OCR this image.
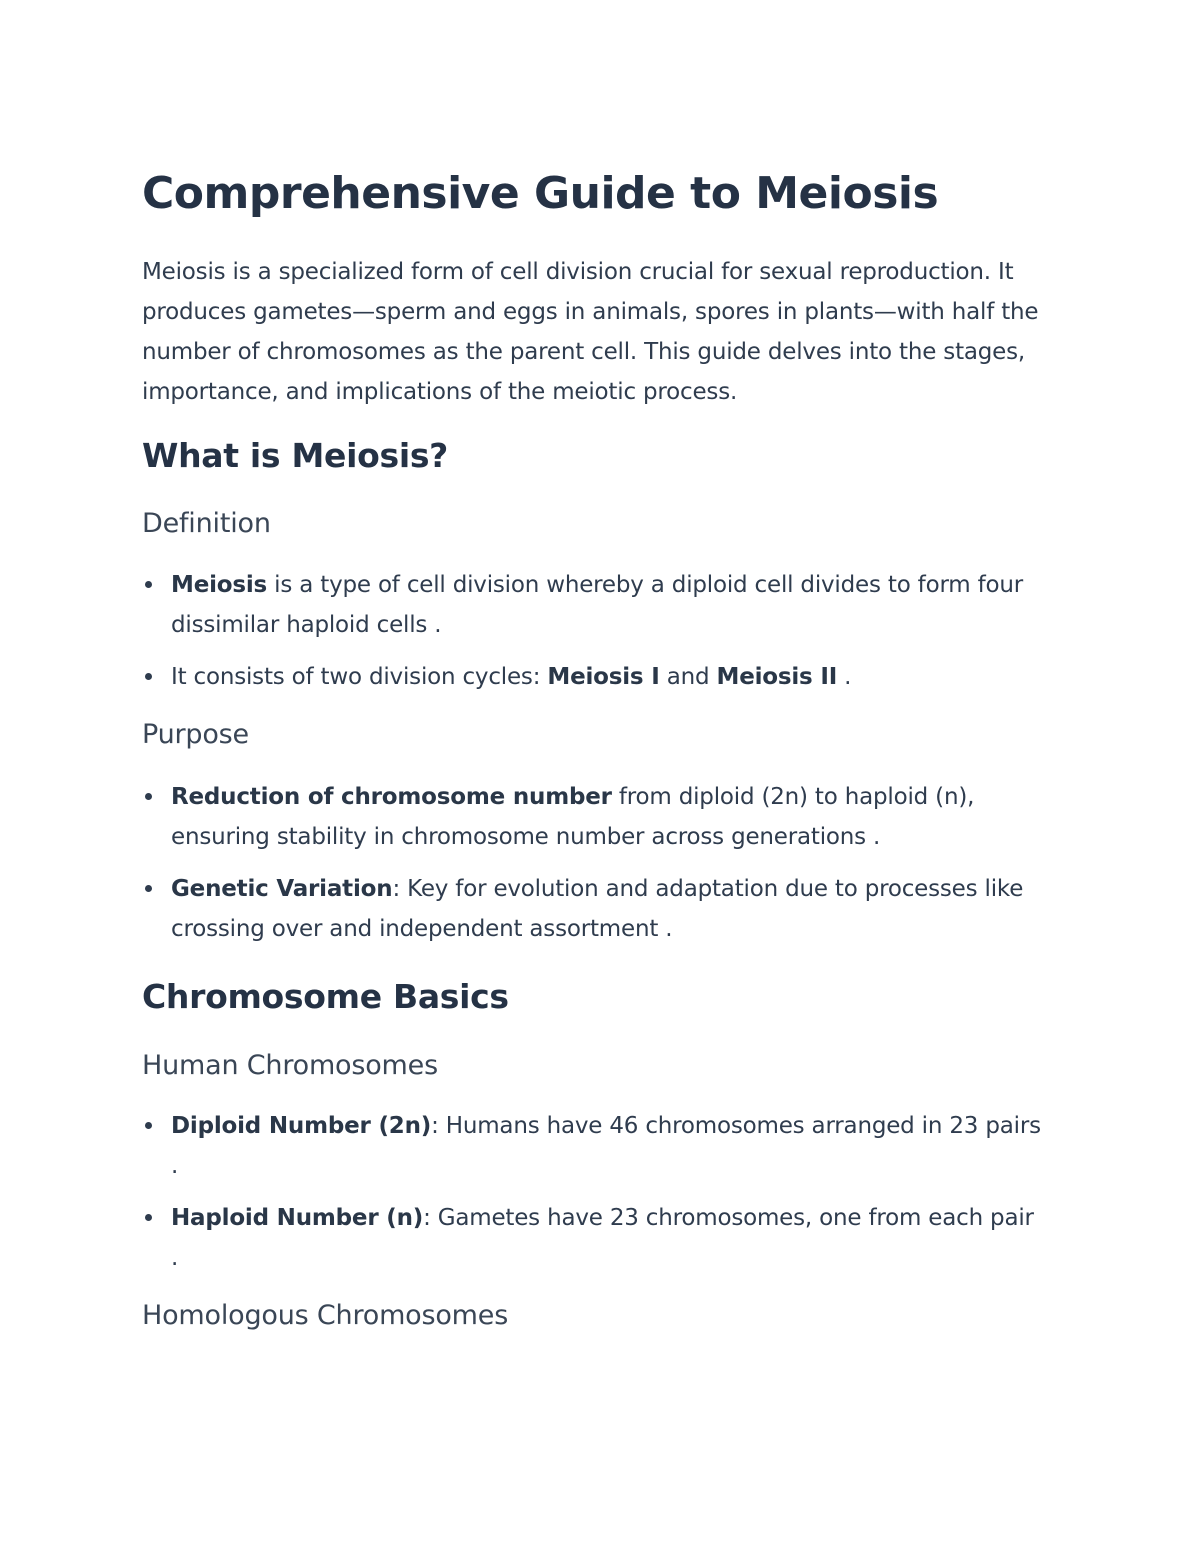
Comprehensive Guide to Meiosis

Meiosis is a specialized form of cell division crucial for sexual reproduction. It produces gametes—sperm and eggs in animals, spores in plants—with half the number of chromosomes as the parent cell. This guide delves into the stages, importance, and implications of the meiotic process.

What is Meiosis?
Definition
Meiosis is a type of cell division whereby a diploid cell divides to form four dissimilar haploid cells .
It consists of two division cycles: Meiosis I and Meiosis II .
Purpose
Reduction of chromosome number from diploid (2n) to haploid (n), ensuring stability in chromosome number across generations .
Genetic Variation: Key for evolution and adaptation due to processes like crossing over and independent assortment .
Chromosome Basics
Human Chromosomes
Diploid Number (2n): Humans have 46 chromosomes arranged in 23 pairs .
Haploid Number (n): Gametes have 23 chromosomes, one from each pair .
Homologous Chromosomes
